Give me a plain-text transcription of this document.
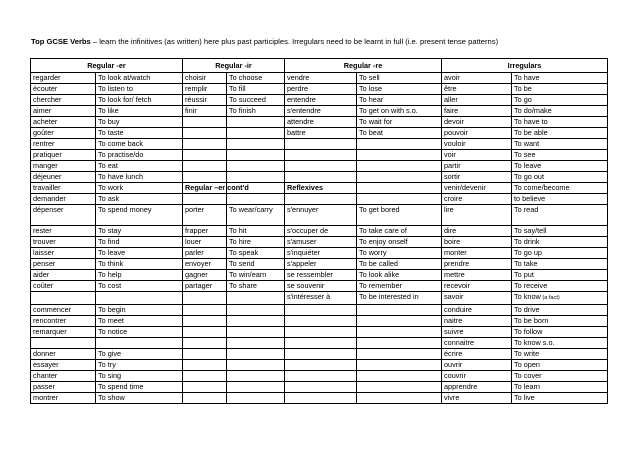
Top GCSE Verbs – learn the infinitives (as written) here plus past participles. Irregulars need to be learnt in full (i.e. present tense patterns)
Regular -er		Regular -ir		Regular -re		Irregulars	
regarder	To look at/watch	choisir	To choose	vendre	To sell	avoir	To have
écouter	To listen to	remplir	To fill	perdre	To lose	être	To be
chercher	To look for/ fetch	réussir	To succeed	entendre	To hear	aller	To go
aimer	To like	finir	To finish	s'entendre	To get on with s.o.	faire	To do/make
acheter	To buy			attendre	To wait for	devoir	To have to
goûter	To taste			battre	To beat	pouvoir	To be able
rentrer	To come back					vouloir	To want
pratiquer	To practise/do					voir	To see
manger	To eat					partir	To leave
déjeuner	To have lunch					sortir	To go out
travailler	To work	Regular –er cont'd		Reflexives		venir/devenir	To come/become
demander	To ask					croire	to believe
dépenser	To spend money	porter	To wear/carry	s'ennuyer	To get bored	lire	To read
rester	To stay	frapper	To hit	s'occuper de	To take care of	dire	To say/tell
trouver	To find	louer	To hire	s'amuser	To enjoy onself	boire	To drink
laisser	To leave	parler	To speak	s'inquiéter	To worry	monter	To go up
penser	To think	envoyer	To send	s'appeler	To be called	prendre	To take
aider	To help	gagner	To win/earn	se ressembler	To look alike	mettre	To put
coûter	To cost	partager	To share	se souvenir	To remember	recevoir	To receive
				s'intéresser à	To be interested in	savoir	To know (a fact)
commencer	To begin					conduire	To drive
rencontrer	To meet					naitre	To be born
remarquer	To notice					suivre	To follow
						connaitre	To know s.o.
donner	To give					écrire	To write
essayer	To try					ouvrir	To open
chanter	To sing					couvrir	To cover
passer	To spend time					apprendre	To learn
montrer	To show					vivre	To live
